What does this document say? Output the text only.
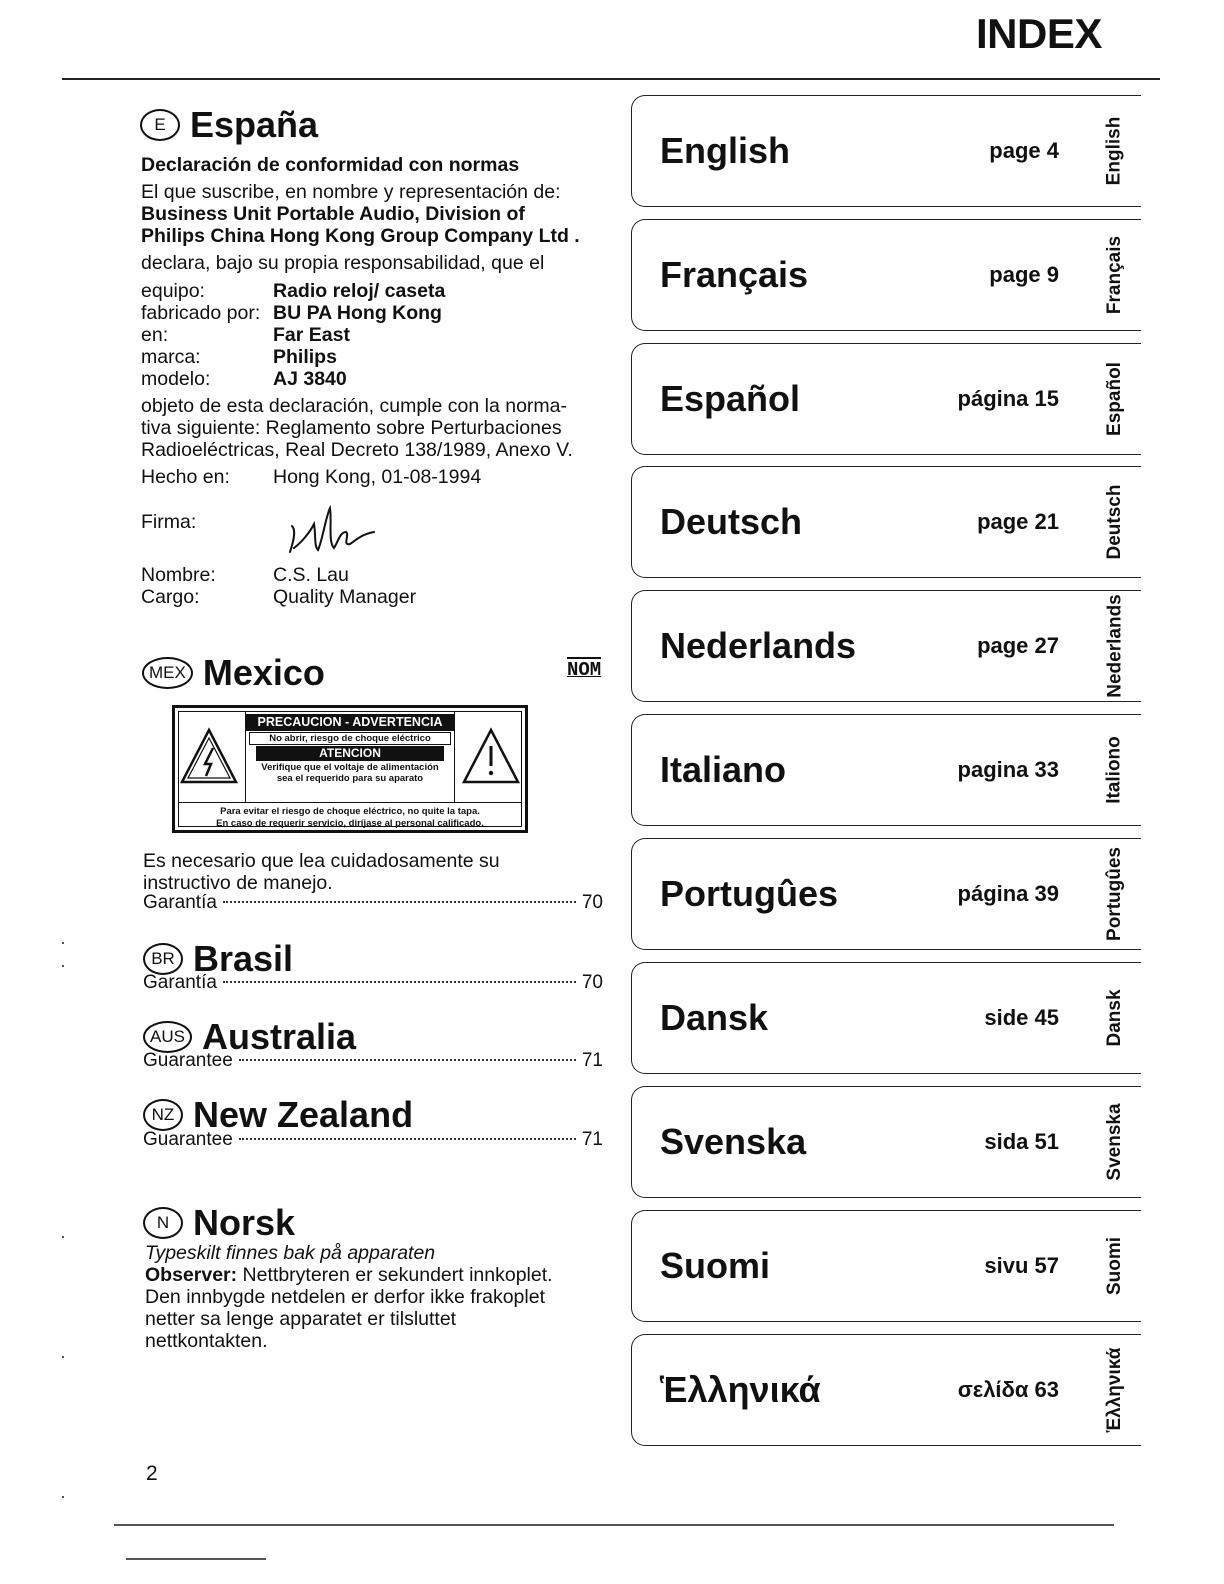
INDEX
E España
Declaración de conformidad con normas
El que suscribe, en nombre y representación de:
Business Unit Portable Audio, Division of
Philips China Hong Kong Group Company Ltd .
declara, bajo su propia responsabilidad, que el
equipo:	Radio reloj/ caseta
fabricado por: BU PA Hong Kong
en:	Far East
marca:	Philips
modelo:	AJ 3840
objeto de esta declaración, cumple con la norma-
tiva siguiente: Reglamento sobre Perturbaciones
Radioeléctricas, Real Decreto 138/1989, Anexo V.
Hecho en: Hong Kong, 01-08-1994
Firma:
Nombre:	C.S. Lau
Cargo:	Quality Manager
MEX Mexico	NOM
PRECAUCION - ADVERTENCIA
No abrir, riesgo de choque eléctrico
ATENCION
Verifique que el voltaje de alimentación
sea el requerido para su aparato
Para evitar el riesgo de choque eléctrico, no quite la tapa.
En caso de requerir servicio, diríjase al personal calificado.
Es necesario que lea cuidadosamente su
instructivo de manejo.
Garantía	70
BR Brasil
Garantía	70
AUS Australia
Guarantee	71
NZ New Zealand
Guarantee	71
N Norsk
Typeskilt finnes bak på apparaten
Observer: Nettbryteren er sekundert innkoplet.
Den innbygde netdelen er derfor ikke frakoplet
netter sa lenge apparatet er tilsluttet
nettkontakten.
English	page 4 English
Français	page 9 Français
Español	página 15 Español
Deutsch	page 21 Deutsch
Nederlands	page 27 Nederlands
Italiano	pagina 33 Italiono
Portugûes	página 39 Portugûes
Dansk	side 45 Dansk
Svenska	sida 51 Svenska
Suomi	sivu 57 Suomi
Ἑλληνικά	σελίδα 63 Ἑλληνικά
2
